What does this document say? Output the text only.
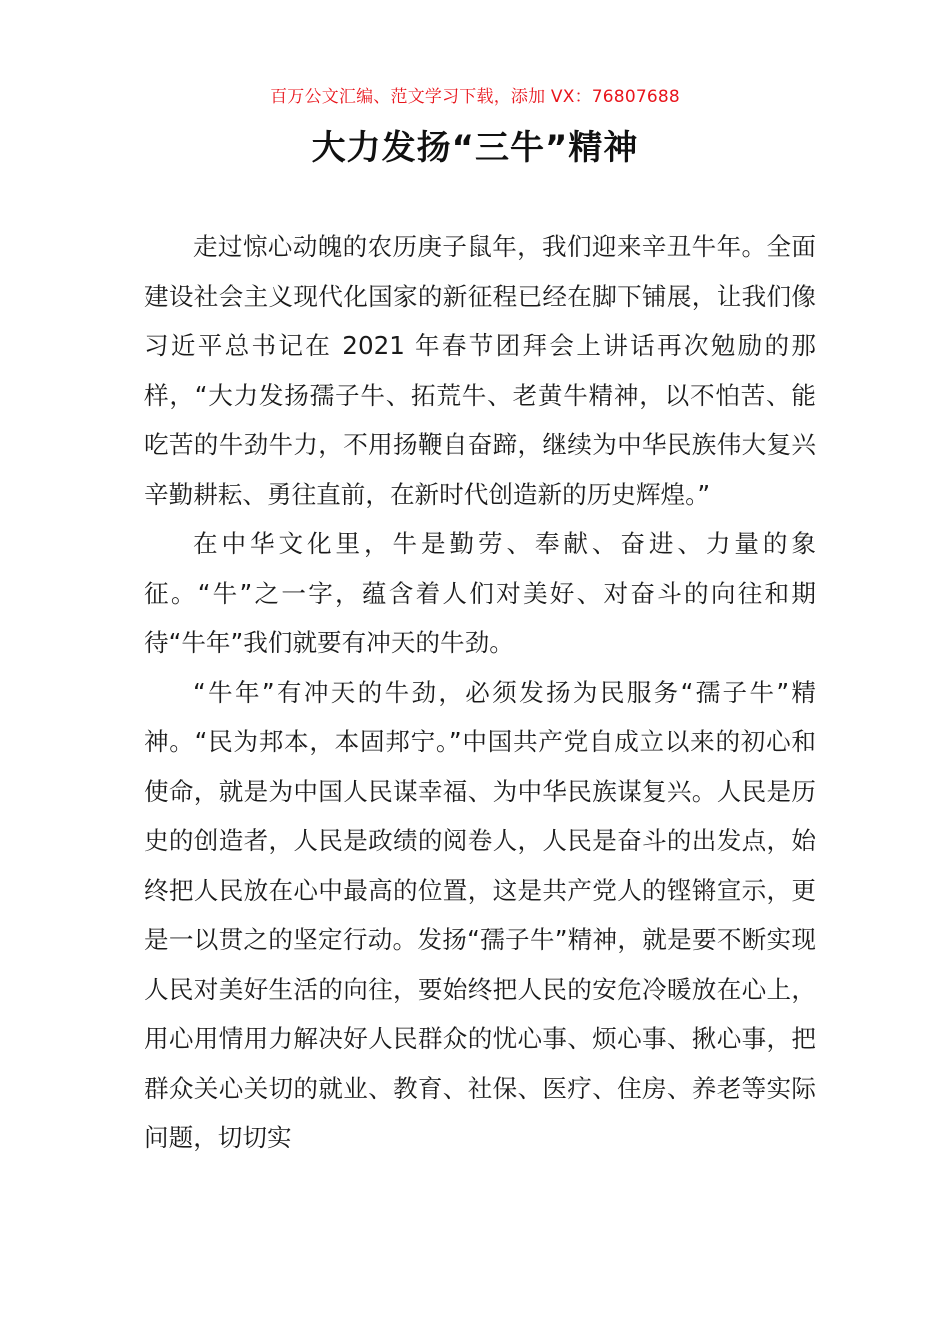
百万公文汇编、范文学习下载，添加 VX：76807688
大力发扬“三牛”精神

走过惊心动魄的农历庚子鼠年，我们迎来辛丑牛年。全面建设社会主义现代化国家的新征程已经在脚下铺展，让我们像习近平总书记在 2021 年春节团拜会上讲话再次勉励的那样，“大力发扬孺子牛、拓荒牛、老黄牛精神，以不怕苦、能吃苦的牛劲牛力，不用扬鞭自奋蹄，继续为中华民族伟大复兴辛勤耕耘、勇往直前，在新时代创造新的历史辉煌。”

在中华文化里，牛是勤劳、奉献、奋进、力量的象征。“牛”之一字，蕴含着人们对美好、对奋斗的向往和期待“牛年”我们就要有冲天的牛劲。

“牛年”有冲天的牛劲，必须发扬为民服务“孺子牛”精神。“民为邦本，本固邦宁。”中国共产党自成立以来的初心和使命，就是为中国人民谋幸福、为中华民族谋复兴。人民是历史的创造者，人民是政绩的阅卷人，人民是奋斗的出发点，始终把人民放在心中最高的位置，这是共产党人的铿锵宣示，更是一以贯之的坚定行动。发扬“孺子牛”精神，就是要不断实现人民对美好生活的向往，要始终把人民的安危冷暖放在心上，用心用情用力解决好人民群众的忧心事、烦心事、揪心事，把群众关心关切的就业、教育、社保、医疗、住房、养老等实际问题，切切实
